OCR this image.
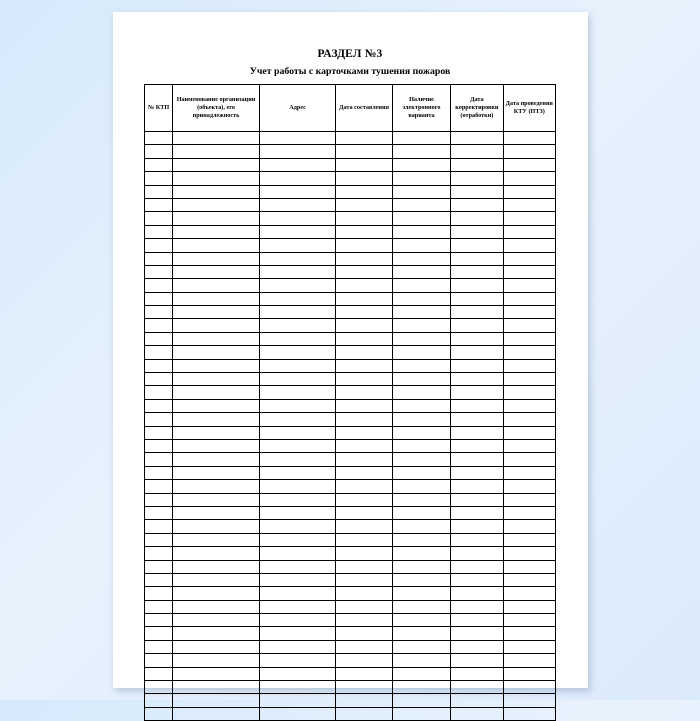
РАЗДЕЛ №3
Учет работы с карточками тушения пожаров
№ КТП	Наименование организации (объекта), его принадлежность	Адрес	Дата составления	Наличие электронного варианта	Дата корректировки (отработки)	Дата проведения КТУ (ПТЗ)
